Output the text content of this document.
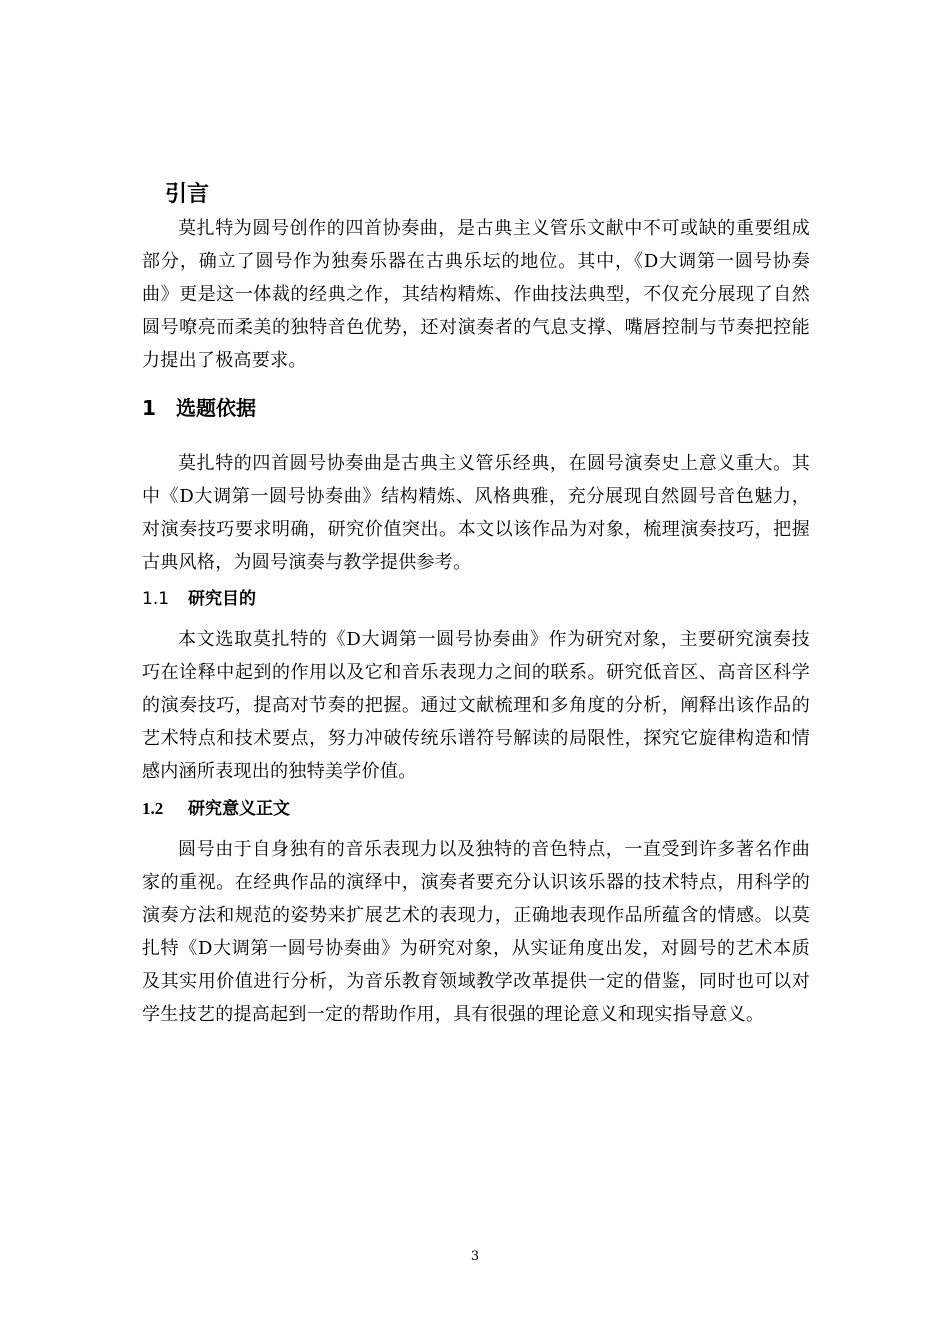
引言

莫扎特为圆号创作的四首协奏曲，是古典主义管乐文献中不可或缺的重要组成部分，确立了圆号作为独奏乐器在古典乐坛的地位。其中，《D大调第一圆号协奏曲》更是这一体裁的经典之作，其结构精炼、作曲技法典型，不仅充分展现了自然圆号嘹亮而柔美的独特音色优势，还对演奏者的气息支撑、嘴唇控制与节奏把控能力提出了极高要求。

1 选题依据

莫扎特的四首圆号协奏曲是古典主义管乐经典，在圆号演奏史上意义重大。其中《D大调第一圆号协奏曲》结构精炼、风格典雅，充分展现自然圆号音色魅力，对演奏技巧要求明确，研究价值突出。本文以该作品为对象，梳理演奏技巧，把握古典风格，为圆号演奏与教学提供参考。

1.1 研究目的

本文选取莫扎特的《D大调第一圆号协奏曲》作为研究对象，主要研究演奏技巧在诠释中起到的作用以及它和音乐表现力之间的联系。研究低音区、高音区科学的演奏技巧，提高对节奏的把握。通过文献梳理和多角度的分析，阐释出该作品的艺术特点和技术要点，努力冲破传统乐谱符号解读的局限性，探究它旋律构造和情感内涵所表现出的独特美学价值。

1.2 研究意义正文

圆号由于自身独有的音乐表现力以及独特的音色特点，一直受到许多著名作曲家的重视。在经典作品的演绎中，演奏者要充分认识该乐器的技术特点，用科学的演奏方法和规范的姿势来扩展艺术的表现力，正确地表现作品所蕴含的情感。以莫扎特《D大调第一圆号协奏曲》为研究对象，从实证角度出发，对圆号的艺术本质及其实用价值进行分析，为音乐教育领域教学改革提供一定的借鉴，同时也可以对学生技艺的提高起到一定的帮助作用，具有很强的理论意义和现实指导意义。

3
